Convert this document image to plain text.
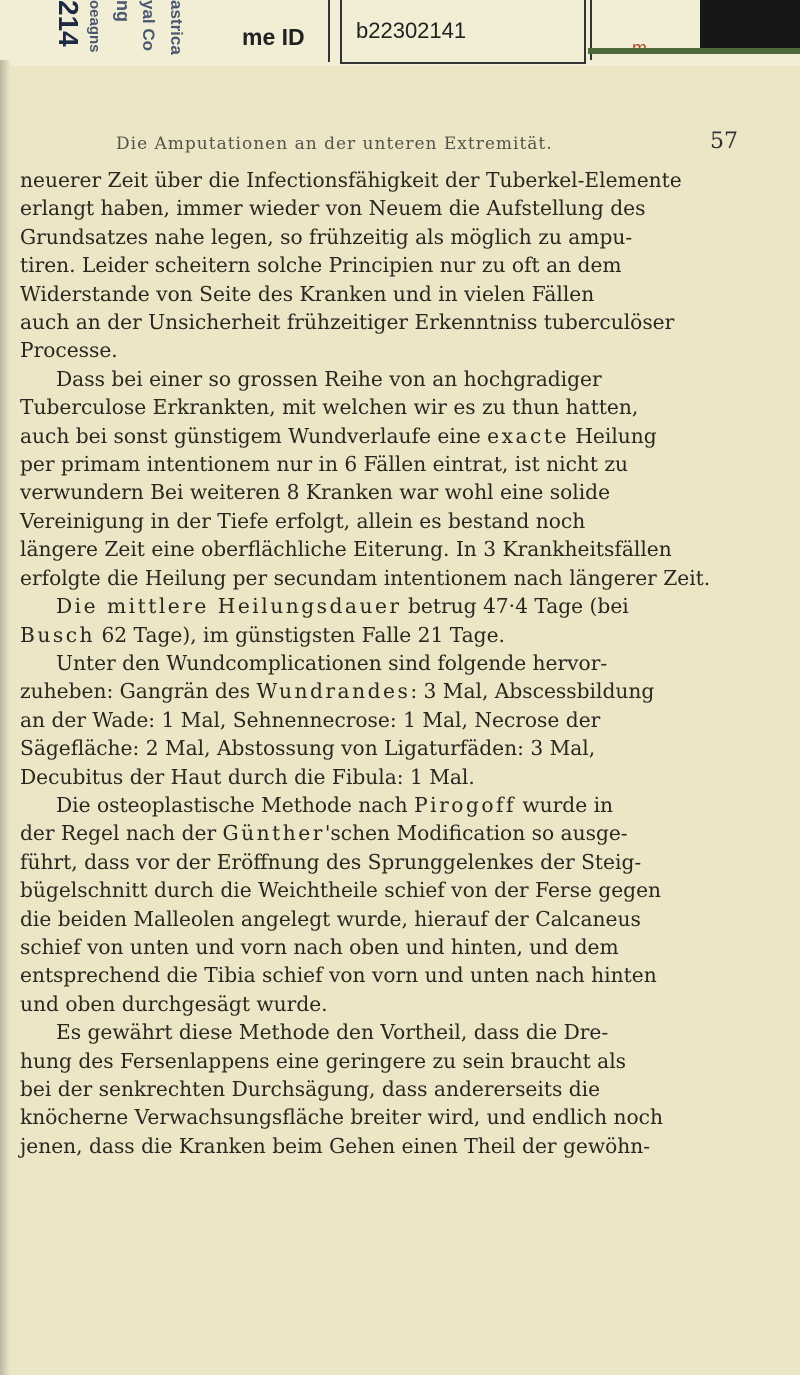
214 oeagns ng yal Co astrica me ID b22302141
Die Amputationen an der unteren Extremität.	57

neuerer Zeit über die Infectionsfähigkeit der Tuberkel-Elemente
erlangt haben, immer wieder von Neuem die Aufstellung des
Grundsatzes nahe legen, so frühzeitig als möglich zu ampu-
tiren. Leider scheitern solche Principien nur zu oft an dem
Widerstande von Seite des Kranken und in vielen Fällen
auch an der Unsicherheit frühzeitiger Erkenntniss tuberculöser
Processe.

Dass bei einer so grossen Reihe von an hochgradiger
Tuberculose Erkrankten, mit welchen wir es zu thun hatten,
auch bei sonst günstigem Wundverlaufe eine exacte Heilung
per primam intentionem nur in 6 Fällen eintrat, ist nicht zu
verwundern Bei weiteren 8 Kranken war wohl eine solide
Vereinigung in der Tiefe erfolgt, allein es bestand noch
längere Zeit eine oberflächliche Eiterung. In 3 Krankheitsfällen
erfolgte die Heilung per secundam intentionem nach längerer Zeit.

Die mittlere Heilungsdauer betrug 47·4 Tage (bei
Busch 62 Tage), im günstigsten Falle 21 Tage.

Unter den Wundcomplicationen sind folgende hervor-
zuheben: Gangrän des Wundrandes: 3 Mal, Abscessbildung
an der Wade: 1 Mal, Sehnennecrose: 1 Mal, Necrose der
Sägefläche: 2 Mal, Abstossung von Ligaturfäden: 3 Mal,
Decubitus der Haut durch die Fibula: 1 Mal.

Die osteoplastische Methode nach Pirogoff wurde in
der Regel nach der Günther'schen Modification so ausge-
führt, dass vor der Eröffnung des Sprunggelenkes der Steig-
bügelschnitt durch die Weichtheile schief von der Ferse gegen
die beiden Malleolen angelegt wurde, hierauf der Calcaneus
schief von unten und vorn nach oben und hinten, und dem
entsprechend die Tibia schief von vorn und unten nach hinten
und oben durchgesägt wurde.

Es gewährt diese Methode den Vortheil, dass die Dre-
hung des Fersenlappens eine geringere zu sein braucht als
bei der senkrechten Durchsägung, dass andererseits die
knöcherne Verwachsungsfläche breiter wird, und endlich noch
jenen, dass die Kranken beim Gehen einen Theil der gewöhn-
